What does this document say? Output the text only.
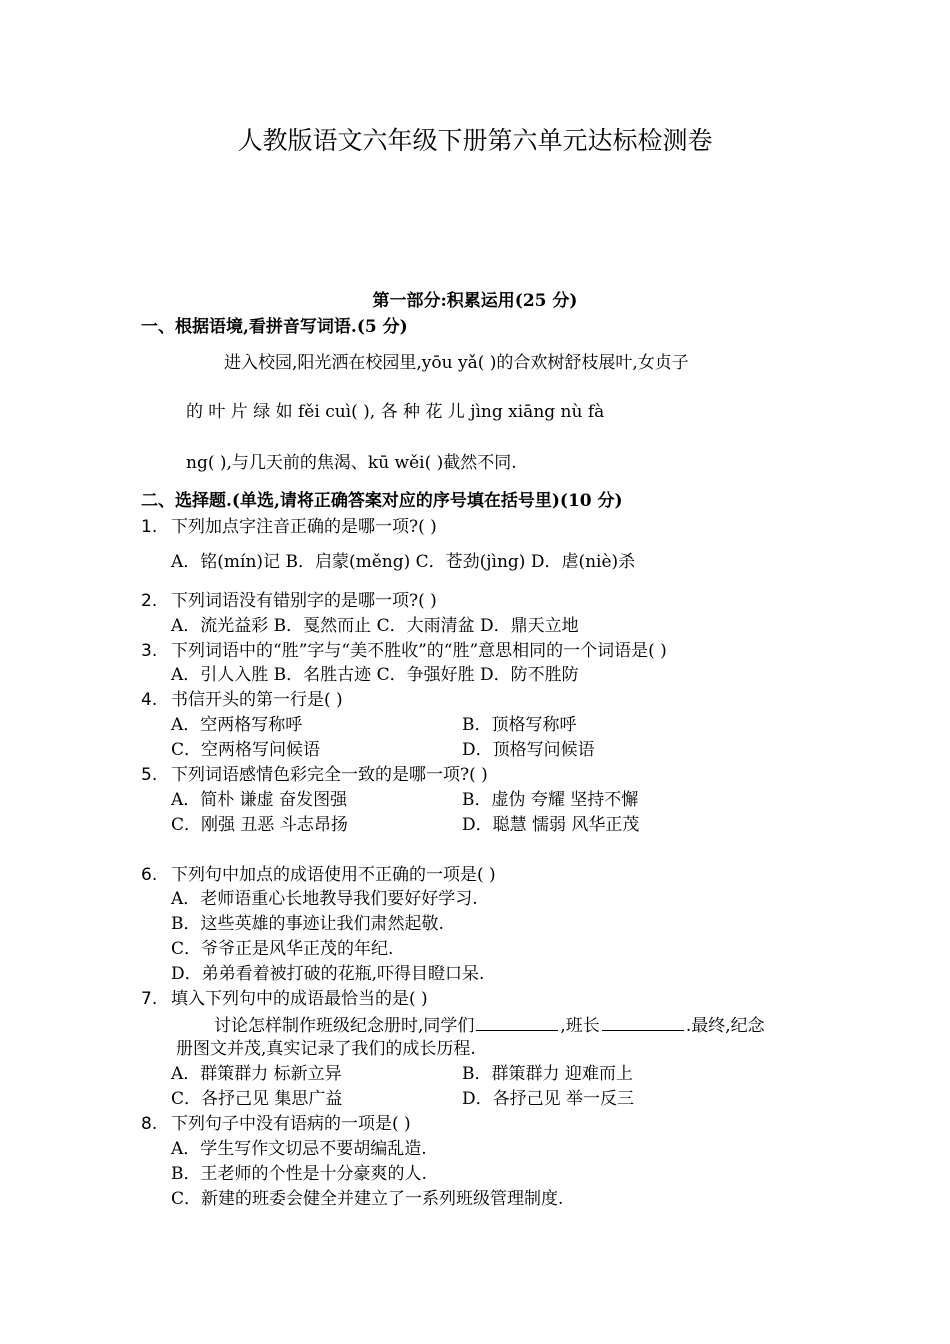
人教版语文六年级下册第六单元达标检测卷
第一部分:积累运用(25 分)
一、根据语境,看拼音写词语.(5 分)
进入校园,阳光洒在校园里,yōu yǎ( )的合欢树舒枝展叶,女贞子
的 叶 片 绿 如 fěi cuì( ), 各 种 花 儿 jìng xiāng nù fà
ng( ),与几天前的焦渴、kū wěi( )截然不同.
二、选择题.(单选,请将正确答案对应的序号填在括号里)(10 分)
1. 下列加点字注音正确的是哪一项?( )
A．铭(mín)记 B．启蒙(měng) C．苍劲(jìng) D．虐(niè)杀
2. 下列词语没有错别字的是哪一项?( )
A．流光益彩 B．戛然而止 C．大雨清盆 D．鼎天立地
3. 下列词语中的“胜”字与“美不胜收”的“胜”意思相同的一个词语是( )
A．引人入胜 B．名胜古迹 C．争强好胜 D．防不胜防
4. 书信开头的第一行是( )
A．空两格写称呼	B．顶格写称呼
C．空两格写问候语	D．顶格写问候语
5. 下列词语感情色彩完全一致的是哪一项?( )
A．简朴 谦虚 奋发图强	B．虚伪 夸耀 坚持不懈
C．刚强 丑恶 斗志昂扬	D．聪慧 懦弱 风华正茂
6. 下列句中加点的成语使用不正确的一项是( )
A．老师语重心长地教导我们要好好学习.
B．这些英雄的事迹让我们肃然起敬.
C．爷爷正是风华正茂的年纪.
D．弟弟看着被打破的花瓶,吓得目瞪口呆.
7. 填入下列句中的成语最恰当的是( )
讨论怎样制作班级纪念册时,同学们	,班长	.最终,纪念
册图文并茂,真实记录了我们的成长历程.
A．群策群力 标新立异	B．群策群力 迎难而上
C．各抒己见 集思广益	D．各抒己见 举一反三
8. 下列句子中没有语病的一项是( )
A．学生写作文切忌不要胡编乱造.
B．王老师的个性是十分豪爽的人.
C．新建的班委会健全并建立了一系列班级管理制度.
